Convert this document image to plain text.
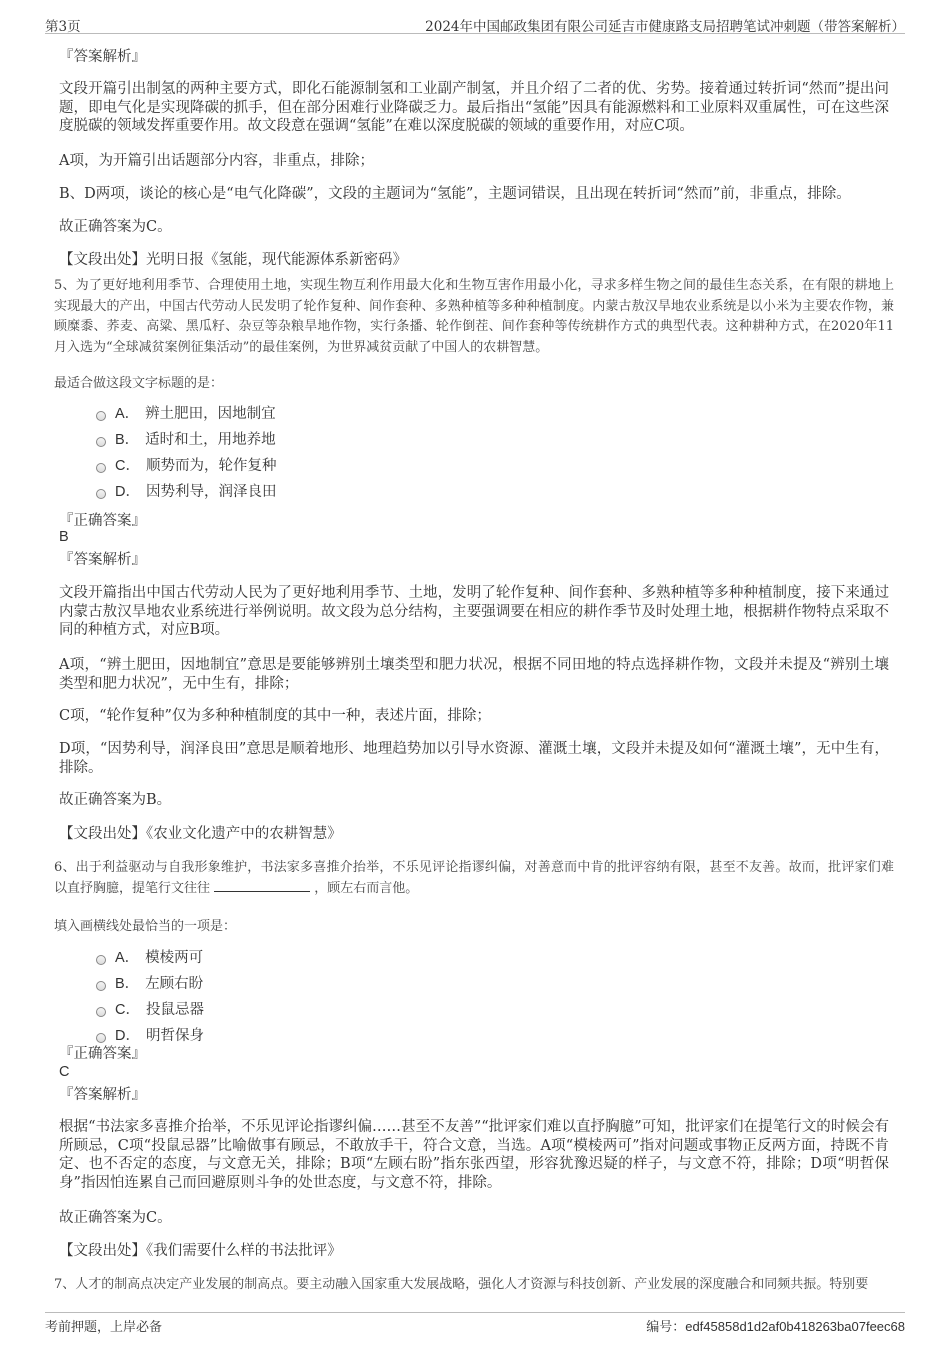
第3页	2024年中国邮政集团有限公司延吉市健康路支局招聘笔试冲刺题（带答案解析）
『答案解析』
文段开篇引出制氢的两种主要方式，即化石能源制氢和工业副产制氢，并且介绍了二者的优、劣势。接着通过转折词“然而”提出问题，即电气化是实现降碳的抓手，但在部分困难行业降碳乏力。最后指出“氢能”因具有能源燃料和工业原料双重属性，可在这些深度脱碳的领域发挥重要作用。故文段意在强调“氢能”在难以深度脱碳的领域的重要作用，对应C项。
A项，为开篇引出话题部分内容，非重点，排除；
B、D两项，谈论的核心是“电气化降碳”，文段的主题词为“氢能”，主题词错误，且出现在转折词“然而”前，非重点，排除。
故正确答案为C。
【文段出处】光明日报《氢能，现代能源体系新密码》
5、为了更好地利用季节、合理使用土地，实现生物互利作用最大化和生物互害作用最小化，寻求多样生物之间的最佳生态关系，在有限的耕地上实现最大的产出，中国古代劳动人民发明了轮作复种、间作套种、多熟种植等多种种植制度。内蒙古敖汉旱地农业系统是以小米为主要农作物，兼顾糜黍、荞麦、高粱、黑瓜籽、杂豆等杂粮旱地作物，实行条播、轮作倒茬、间作套种等传统耕作方式的典型代表。这种耕种方式，在2020年11月入选为“全球减贫案例征集活动”的最佳案例，为世界减贫贡献了中国人的农耕智慧。
最适合做这段文字标题的是：
A． 辨土肥田，因地制宜
B． 适时和土，用地养地
C． 顺势而为，轮作复种
D． 因势利导，润泽良田
『正确答案』
B
『答案解析』
文段开篇指出中国古代劳动人民为了更好地利用季节、土地，发明了轮作复种、间作套种、多熟种植等多种种植制度，接下来通过内蒙古敖汉旱地农业系统进行举例说明。故文段为总分结构，主要强调要在相应的耕作季节及时处理土地，根据耕作物特点采取不同的种植方式，对应B项。
A项，“辨土肥田，因地制宜”意思是要能够辨别土壤类型和肥力状况，根据不同田地的特点选择耕作物，文段并未提及“辨别土壤类型和肥力状况”，无中生有，排除；
C项，“轮作复种”仅为多种种植制度的其中一种，表述片面，排除；
D项，“因势利导，润泽良田”意思是顺着地形、地理趋势加以引导水资源、灌溉土壤，文段并未提及如何“灌溉土壤”，无中生有，排除。
故正确答案为B。
【文段出处】《农业文化遗产中的农耕智慧》
6、出于利益驱动与自我形象维护，书法家多喜推介抬举，不乐见评论指谬纠偏，对善意而中肯的批评容纳有限，甚至不友善。故而，批评家们难以直抒胸臆，提笔行文往往	，顾左右而言他。
填入画横线处最恰当的一项是：
A． 模棱两可
B． 左顾右盼
C． 投鼠忌器
D． 明哲保身
『正确答案』
C
『答案解析』
根据“书法家多喜推介抬举，不乐见评论指谬纠偏……甚至不友善”“批评家们难以直抒胸臆”可知，批评家们在提笔行文的时候会有所顾忌，C项“投鼠忌器”比喻做事有顾忌，不敢放手干，符合文意，当选。A项“模棱两可”指对问题或事物正反两方面，持既不肯定、也不否定的态度，与文意无关，排除；B项“左顾右盼”指东张西望，形容犹豫迟疑的样子，与文意不符，排除；D项“明哲保身”指因怕连累自己而回避原则斗争的处世态度，与文意不符，排除。
故正确答案为C。
【文段出处】《我们需要什么样的书法批评》
7、人才的制高点决定产业发展的制高点。要主动融入国家重大发展战略，强化人才资源与科技创新、产业发展的深度融合和同频共振。特别要
考前押题，上岸必备	编号：edf45858d1d2af0b418263ba07feec68
